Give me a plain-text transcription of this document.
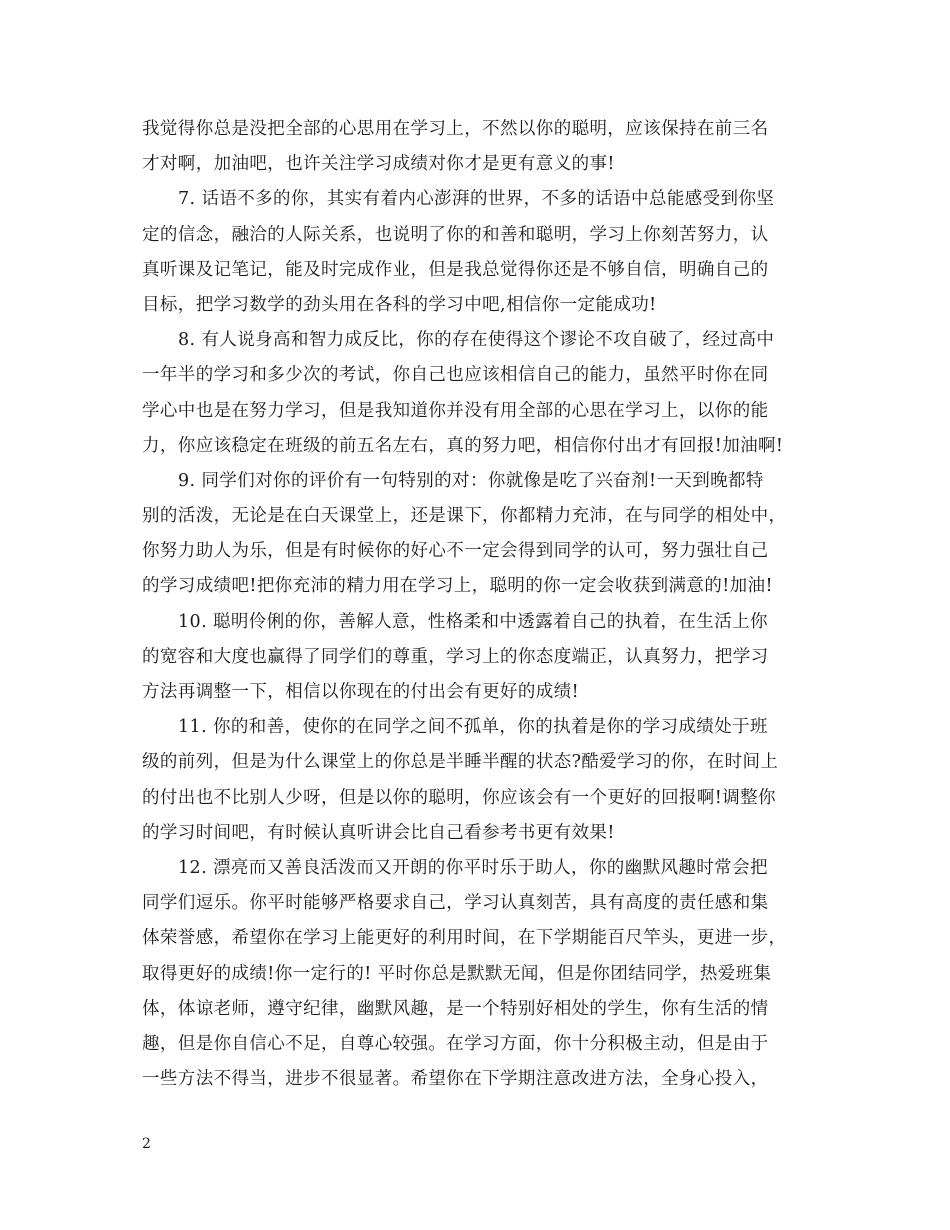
我觉得你总是没把全部的心思用在学习上，不然以你的聪明，应该保持在前三名
才对啊，加油吧，也许关注学习成绩对你才是更有意义的事!
7. 话语不多的你，其实有着内心澎湃的世界，不多的话语中总能感受到你坚
定的信念，融洽的人际关系，也说明了你的和善和聪明，学习上你刻苦努力，认
真听课及记笔记，能及时完成作业，但是我总觉得你还是不够自信，明确自己的
目标，把学习数学的劲头用在各科的学习中吧,相信你一定能成功!
8. 有人说身高和智力成反比，你的存在使得这个谬论不攻自破了，经过高中
一年半的学习和多少次的考试，你自己也应该相信自己的能力，虽然平时你在同
学心中也是在努力学习，但是我知道你并没有用全部的心思在学习上，以你的能
力，你应该稳定在班级的前五名左右，真的努力吧，相信你付出才有回报!加油啊!
9. 同学们对你的评价有一句特别的对：你就像是吃了兴奋剂!一天到晚都特
别的活泼，无论是在白天课堂上，还是课下，你都精力充沛，在与同学的相处中，
你努力助人为乐，但是有时候你的好心不一定会得到同学的认可，努力强壮自己
的学习成绩吧!把你充沛的精力用在学习上，聪明的你一定会收获到满意的!加油!
10. 聪明伶俐的你，善解人意，性格柔和中透露着自己的执着，在生活上你
的宽容和大度也赢得了同学们的尊重，学习上的你态度端正，认真努力，把学习
方法再调整一下，相信以你现在的付出会有更好的成绩!
11. 你的和善，使你的在同学之间不孤单，你的执着是你的学习成绩处于班
级的前列，但是为什么课堂上的你总是半睡半醒的状态?酷爱学习的你，在时间上
的付出也不比别人少呀，但是以你的聪明，你应该会有一个更好的回报啊!调整你
的学习时间吧，有时候认真听讲会比自己看参考书更有效果!
12. 漂亮而又善良活泼而又开朗的你平时乐于助人，你的幽默风趣时常会把
同学们逗乐。你平时能够严格要求自己，学习认真刻苦，具有高度的责任感和集
体荣誉感，希望你在学习上能更好的利用时间，在下学期能百尺竿头，更进一步，
取得更好的成绩!你一定行的! 平时你总是默默无闻，但是你团结同学，热爱班集
体，体谅老师，遵守纪律，幽默风趣，是一个特别好相处的学生，你有生活的情
趣，但是你自信心不足，自尊心较强。在学习方面，你十分积极主动，但是由于
一些方法不得当，进步不很显著。希望你在下学期注意改进方法，全身心投入，
2
